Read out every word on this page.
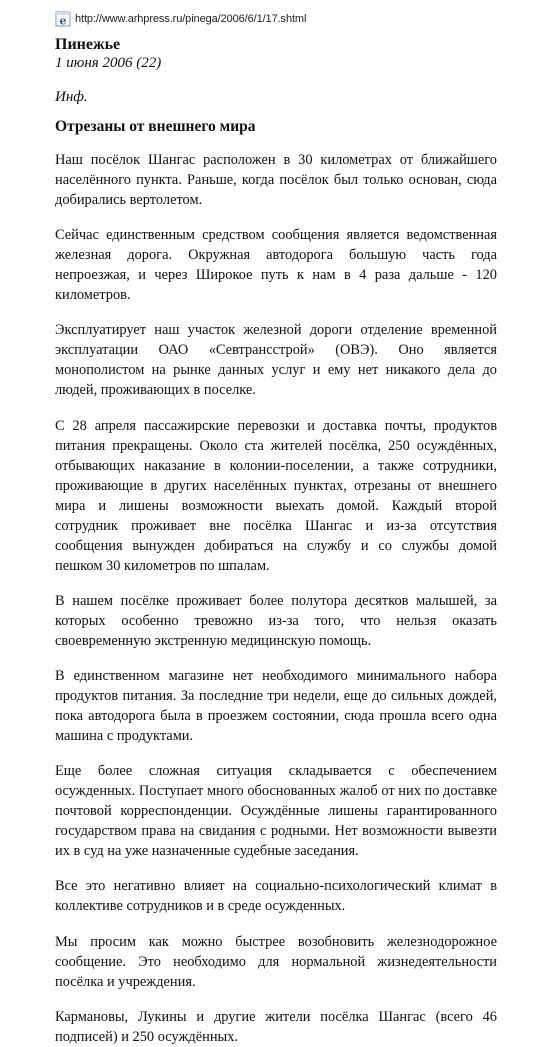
e http://www.arhpress.ru/pinega/2006/6/1/17.shtml
Пинежье
1 июня 2006 (22)
Инф.
Отрезаны от внешнего мира

Наш посёлок Шангас расположен в 30 километрах от ближайшего населённого пункта. Раньше, когда посёлок был только основан, сюда добирались вертолетом.

Сейчас единственным средством сообщения является ведомственная железная дорога. Окружная автодорога большую часть года непроезжая, и через Широкое путь к нам в 4 раза дальше - 120 километров.

Эксплуатирует наш участок железной дороги отделение временной эксплуатации ОАО «Севтрансстрой» (ОВЭ). Оно является монополистом на рынке данных услуг и ему нет никакого дела до людей, проживающих в поселке.

С 28 апреля пассажирские перевозки и доставка почты, продуктов питания прекращены. Около ста жителей посёлка, 250 осуждённых, отбывающих наказание в колонии-поселении, а также сотрудники, проживающие в других населённых пунктах, отрезаны от внешнего мира и лишены возможности выехать домой. Каждый второй сотрудник проживает вне посёлка Шангас и из-за отсутствия сообщения вынужден добираться на службу и со службы домой пешком 30 километров по шпалам.

В нашем посёлке проживает более полутора десятков малышей, за которых особенно тревожно из-за того, что нельзя оказать своевременную экстренную медицинскую помощь.

В единственном магазине нет необходимого минимального набора продуктов питания. За последние три недели, еще до сильных дождей, пока автодорога была в проезжем состоянии, сюда прошла всего одна машина с продуктами.

Еще более сложная ситуация складывается с обеспечением осужденных. Поступает много обоснованных жалоб от них по доставке почтовой корреспонденции. Осуждённые лишены гарантированного государством права на свидания с родными. Нет возможности вывезти их в суд на уже назначенные судебные заседания.

Все это негативно влияет на социально-психологический климат в коллективе сотрудников и в среде осужденных.

Мы просим как можно быстрее возобновить железнодорожное сообщение. Это необходимо для нормальной жизнедеятельности посёлка и учреждения.

Кармановы, Лукины и другие жители посёлка Шангас (всего 46 подписей) и 250 осуждённых.
